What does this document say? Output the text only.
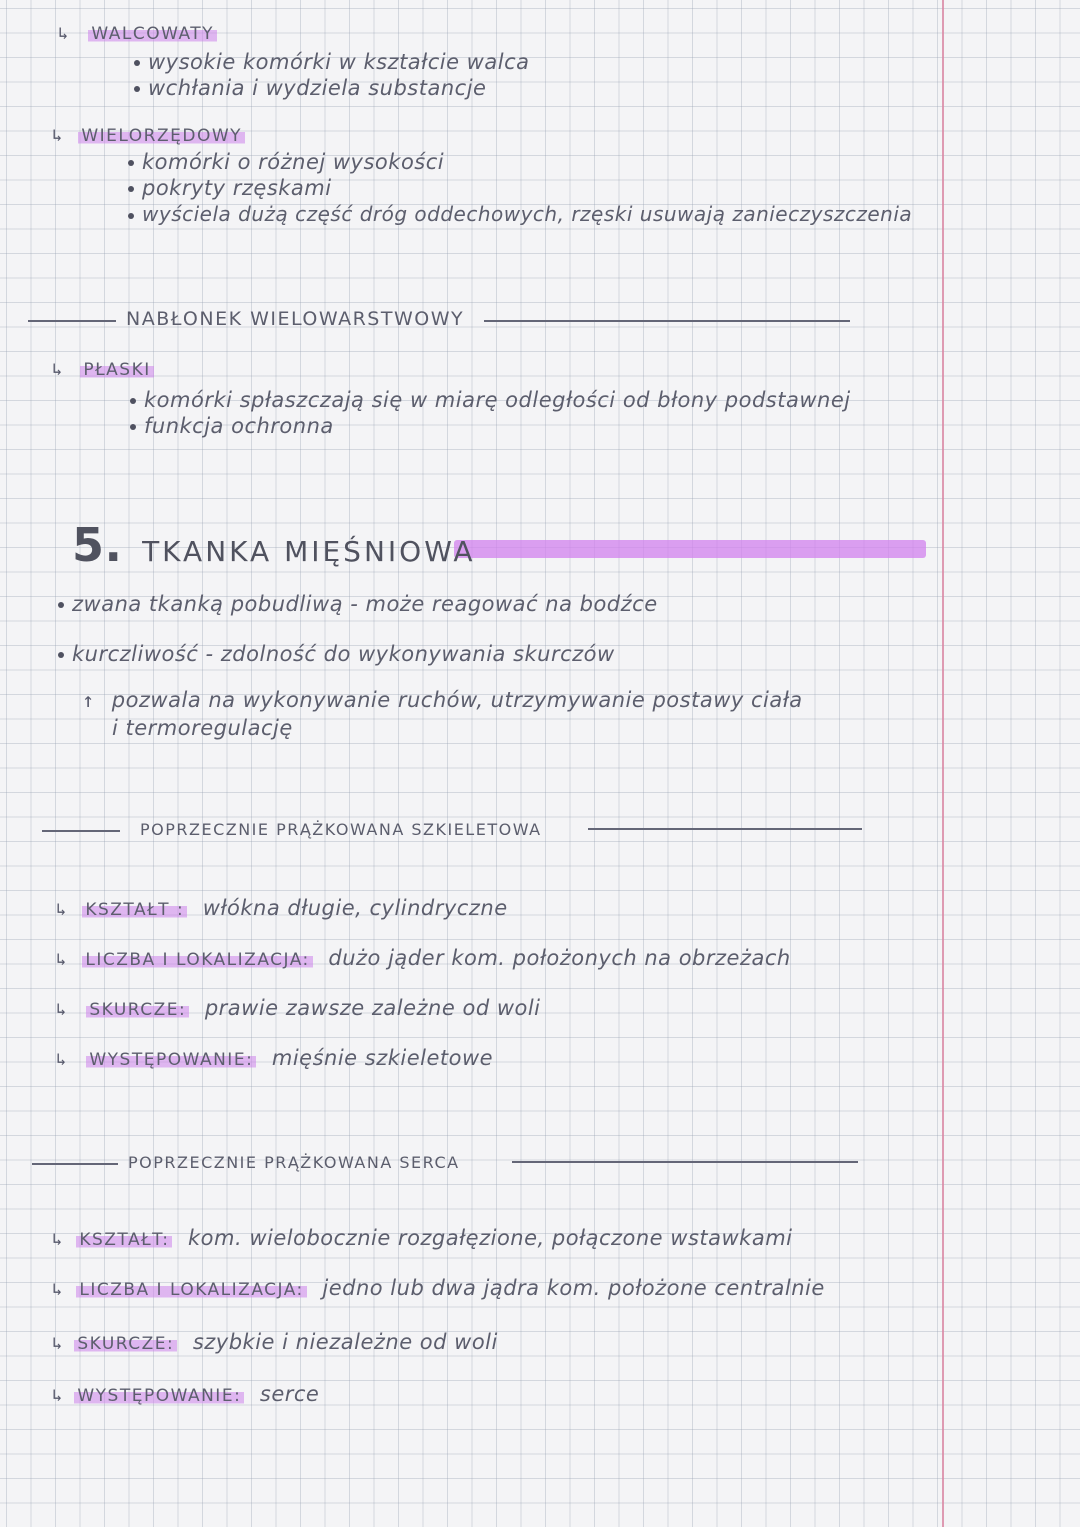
↳ WALCOWATY
wysokie komórki w kształcie walca
wchłania i wydziela substancje
↳ WIELORZĘDOWY
komórki o różnej wysokości
pokryty rzęskami
wyściela dużą część dróg oddechowych, rzęski usuwają zanieczyszczenia
NABŁONEK WIELOWARSTWOWY
↳ PŁASKI
komórki spłaszczają się w miarę odległości od błony podstawnej
funkcja ochronna
5. TKANKA MIĘŚNIOWA
zwana tkanką pobudliwą - może reagować na bodźce
kurczliwość - zdolność do wykonywania skurczów
↑ pozwala na wykonywanie ruchów, utrzymywanie postawy ciała
i termoregulację
POPRZECZNIE PRĄŻKOWANA SZKIELETOWA
↳ KSZTAŁT : włókna długie, cylindryczne
↳ LICZBA I LOKALIZACJA: dużo jąder kom. położonych na obrzeżach
↳ SKURCZE: prawie zawsze zależne od woli
↳ WYSTĘPOWANIE: mięśnie szkieletowe
POPRZECZNIE PRĄŻKOWANA SERCA
↳ KSZTAŁT: kom. wielobocznie rozgałęzione, połączone wstawkami
↳ LICZBA I LOKALIZACJA: jedno lub dwa jądra kom. położone centralnie
↳ SKURCZE: szybkie i niezależne od woli
↳ WYSTĘPOWANIE: serce
